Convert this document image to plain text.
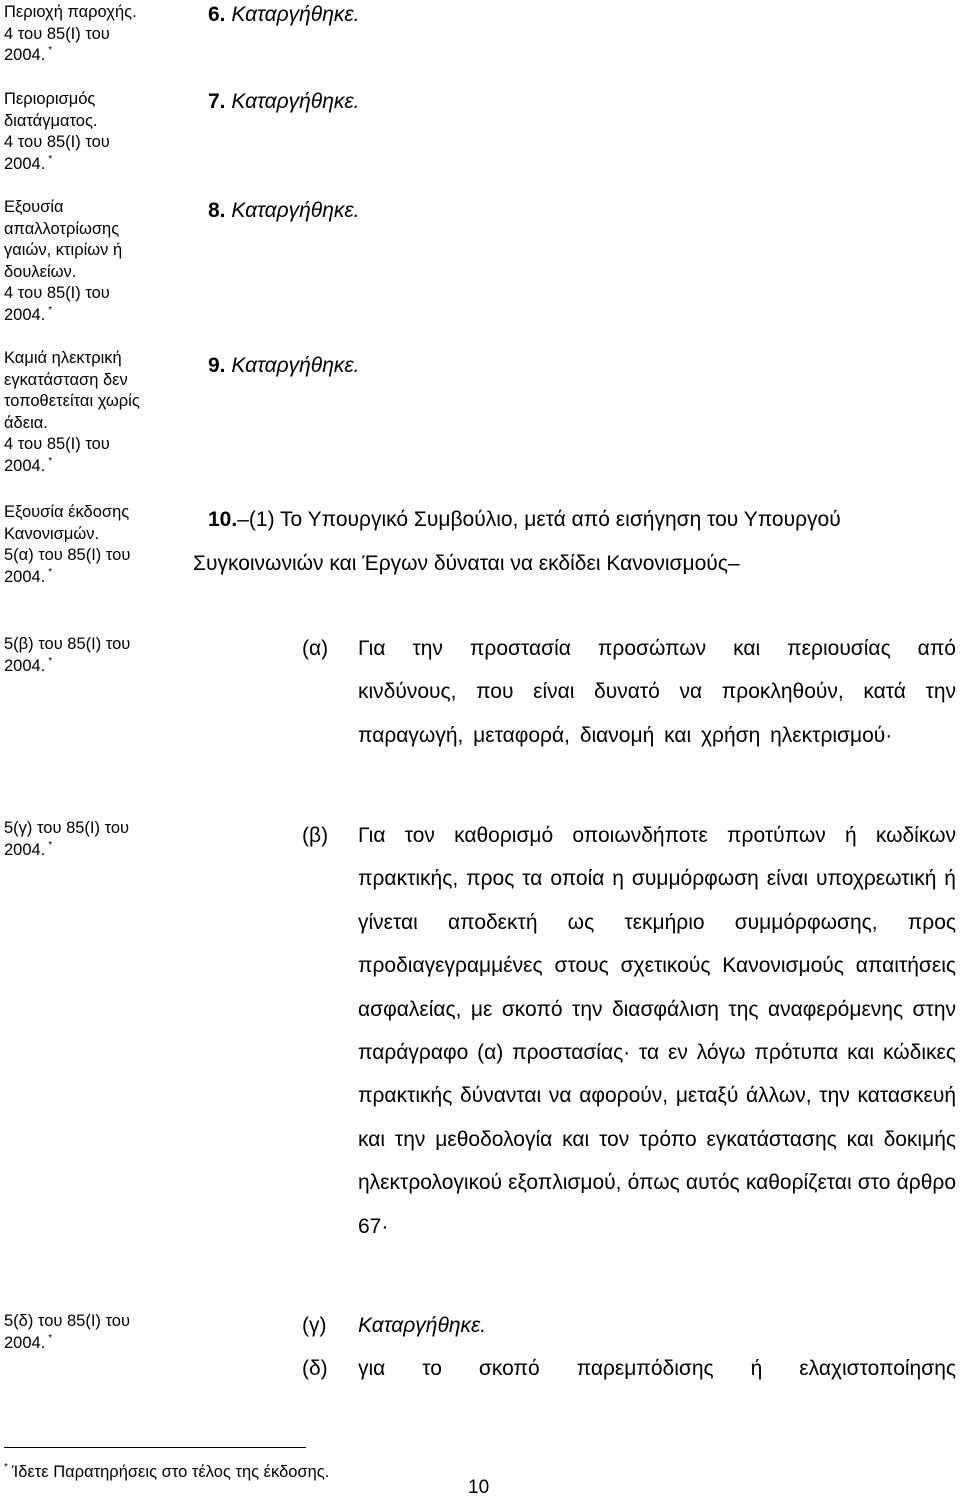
Περιοχή παροχής.
4 του 85(Ι) του
2004. *
Περιορισμός
διατάγματος.
4 του 85(Ι) του
2004. *
Εξουσία
απαλλοτρίωσης
γαιών, κτιρίων ή
δουλείων.
4 του 85(Ι) του
2004. *
Καμιά ηλεκτρική
εγκατάσταση δεν
τοποθετείται χωρίς
άδεια.
4 του 85(Ι) του
2004. *
Εξουσία έκδοσης
Κανονισμών.
5(α) του 85(Ι) του
2004. *
5(β) του 85(Ι) του
2004. *
5(γ) του 85(Ι) του
2004. *
5(δ) του 85(Ι) του
2004. *
6. Καταργήθηκε.
7. Καταργήθηκε.
8. Καταργήθηκε.
9. Καταργήθηκε.
10.–(1) Το Υπουργικό Συμβούλιο, μετά από εισήγηση του Υπουργού
Συγκοινωνιών και Έργων δύναται να εκδίδει Κανονισμούς–
(α) Για την προστασία προσώπων και περιουσίας από κινδύνους, που είναι δυνατό να προκληθούν, κατά την παραγωγή, μεταφορά, διανομή και χρήση ηλεκτρισμού·
(β) Για τον καθορισμό οποιωνδήποτε προτύπων ή κωδίκων πρακτικής, προς τα οποία η συμμόρφωση είναι υποχρεωτική ή γίνεται αποδεκτή ως τεκμήριο συμμόρφωσης, προς προδιαγεγραμμένες στους σχετικούς Κανονισμούς απαιτήσεις ασφαλείας, με σκοπό την διασφάλιση της αναφερόμενης στην παράγραφο (α) προστασίας· τα εν λόγω πρότυπα και κώδικες πρακτικής δύνανται να αφορούν, μεταξύ άλλων, την κατασκευή και την μεθοδολογία και τον τρόπο εγκατάστασης και δοκιμής ηλεκτρολογικού εξοπλισμού, όπως αυτός καθορίζεται στο άρθρο 67·
(γ) Καταργήθηκε.
(δ) για το σκοπό παρεμπόδισης ή ελαχιστοποίησης
* Ίδετε Παρατηρήσεις στο τέλος της έκδοσης.
10
